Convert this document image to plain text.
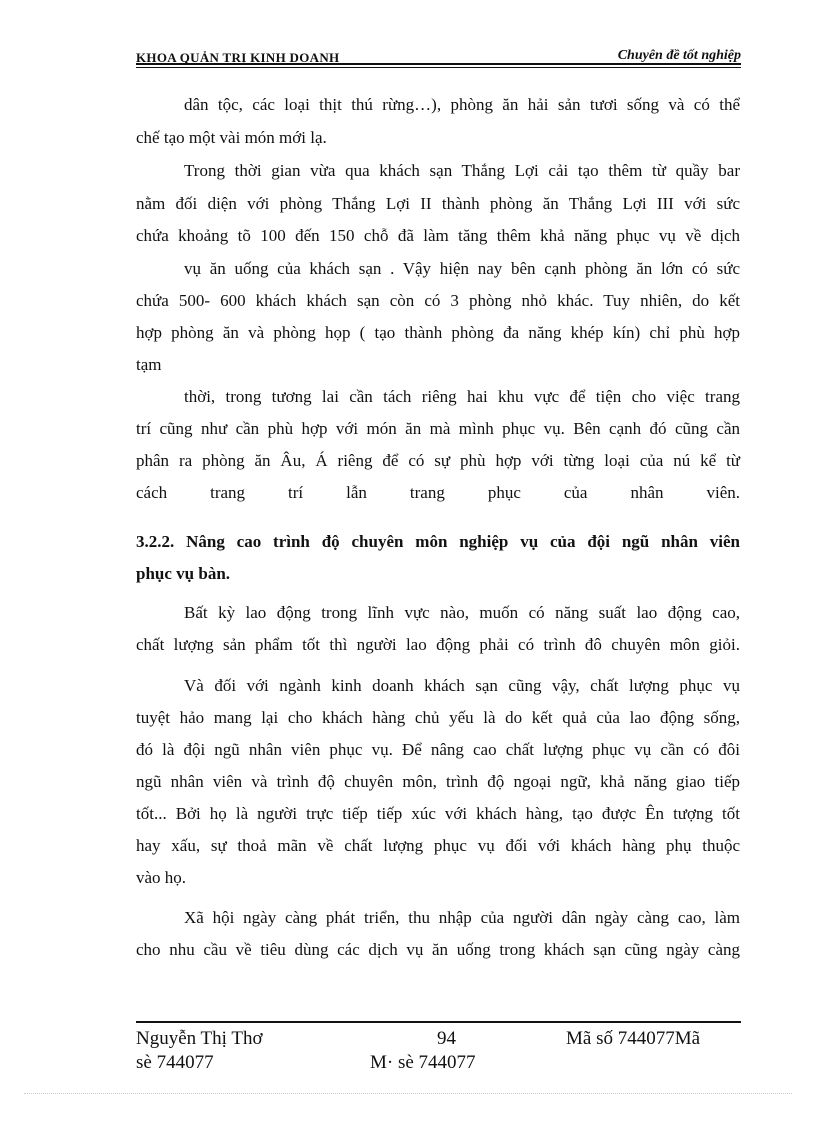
KHOA QUẢN TRỊ KINH DOANH	Chuyên đề tốt nghiệp
dân tộc, các loại thịt thú rừng…), phòng ăn hải sản tươi sống và có thể
chế tạo một vài món mới lạ.
Trong thời gian vừa qua khách sạn Thắng Lợi cải tạo thêm từ quầy bar
nằm đối diện với phòng Thắng Lợi II thành phòng ăn Thắng Lợi III với sức
chứa khoảng tõ 100 đến 150 chỗ đã làm tăng thêm khả năng phục vụ về dịch
vụ ăn uống của khách sạn . Vậy hiện nay bên cạnh phòng ăn lớn có sức
chứa 500- 600 khách khách sạn còn có 3 phòng nhỏ khác. Tuy nhiên, do kết
hợp phòng ăn và phòng họp ( tạo thành phòng đa năng khép kín) chỉ phù hợp
tạm
thời, trong tương lai cần tách riêng hai khu vực để tiện cho việc trang
trí cũng như cần phù hợp với món ăn mà mình phục vụ. Bên cạnh đó cũng cần
phân ra phòng ăn Âu, Á riêng để có sự phù hợp với từng loại của nú kể từ
cách trang trí lẫn trang phục của nhân viên.
3.2.2. Nâng cao trình độ chuyên môn nghiệp vụ của đội ngũ nhân viên
phục vụ bàn.
Bất kỳ lao động trong lĩnh vực nào, muốn có năng suất lao động cao,
chất lượng sản phẩm tốt thì người lao động phải có trình đô chuyên môn giỏi.
Và đối với ngành kinh doanh khách sạn cũng vậy, chất lượng phục vụ
tuyệt hảo mang lại cho khách hàng chủ yếu là do kết quả của lao động sống,
đó là đội ngũ nhân viên phục vụ. Để nâng cao chất lượng phục vụ cần có đôi
ngũ nhân viên và trình độ chuyên môn, trình độ ngoại ngữ, khả năng giao tiếp
tốt... Bởi họ là người trực tiếp tiếp xúc với khách hàng, tạo được Ên tượng tốt
hay xấu, sự thoả mãn về chất lượng phục vụ đối với khách hàng phụ thuộc
vào họ.
Xã hội ngày càng phát triển, thu nhập của người dân ngày càng cao, làm
cho nhu cầu về tiêu dùng các dịch vụ ăn uống trong khách sạn cũng ngày càng
Nguyễn Thị Thơ	94	Mã số 744077Mã
sè 744077	M· sè 744077
